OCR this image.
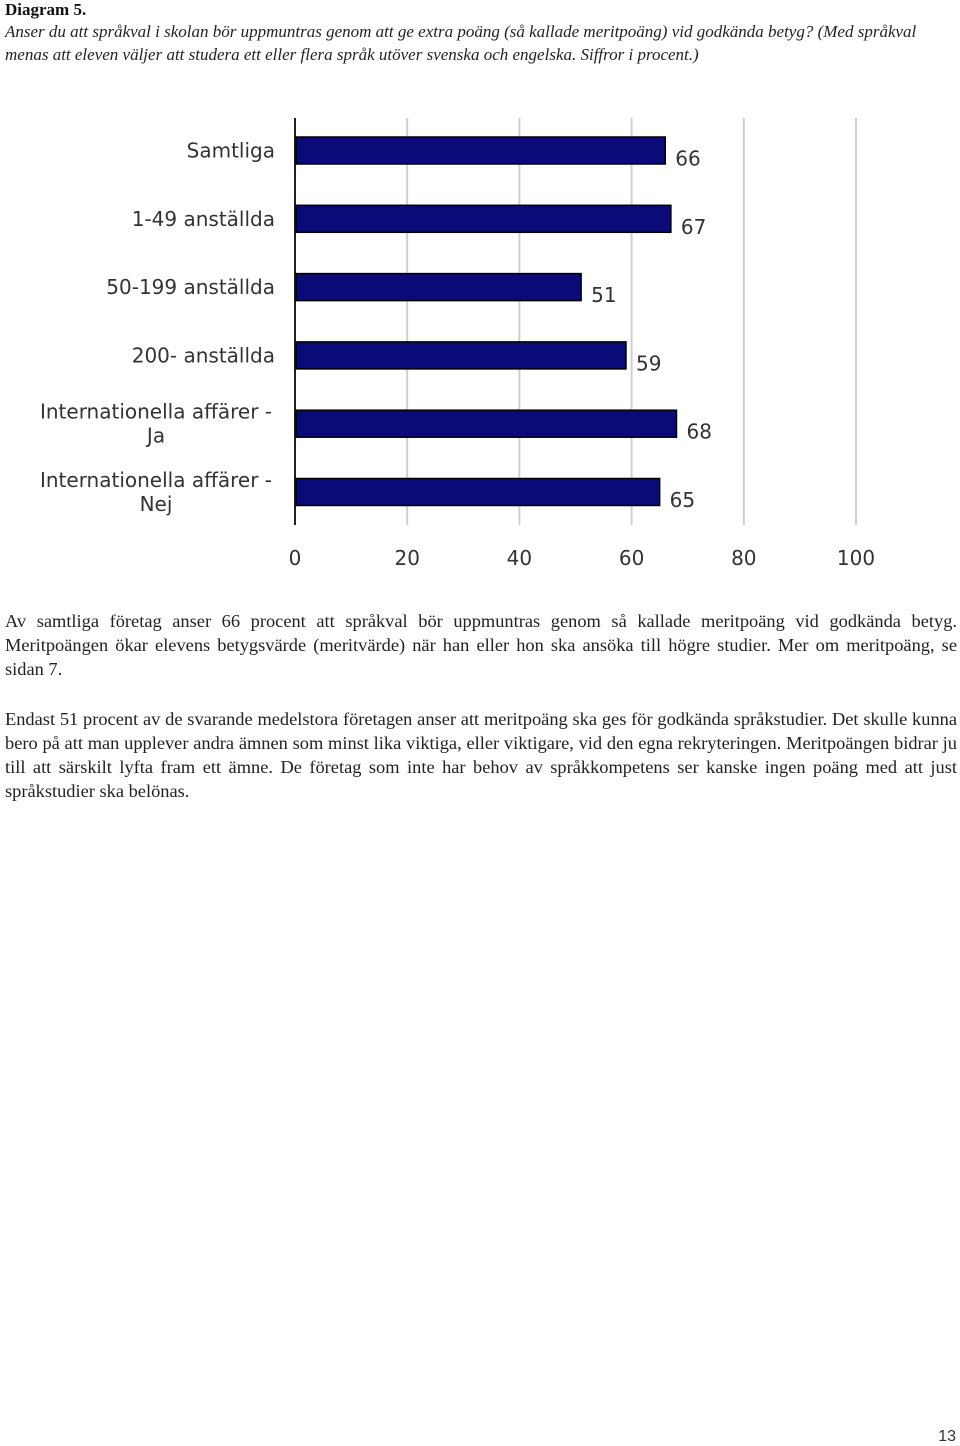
Diagram 5.
Anser du att språkval i skolan bör uppmuntras genom att ge extra poäng (så kallade meritpoäng) vid godkända betyg? (Med språkval menas att eleven väljer att studera ett eller flera språk utöver svenska och engelska. Siffror i procent.)
Samtliga
1-49 anställda
50-199 anställda
200- anställda
Internationella affärer -Ja
Internationella affärer -Nej
66
67
51
59
68
65
0	20	40	60	80	100
Av samtliga företag anser 66 procent att språkval bör uppmuntras genom så kallade meritpoäng vid godkända betyg. Meritpoängen ökar elevens betygsvärde (meritvärde) när han eller hon ska ansöka till högre studier. Mer om meritpoäng, se sidan 7.
Endast 51 procent av de svarande medelstora företagen anser att meritpoäng ska ges för godkända språkstudier. Det skulle kunna bero på att man upplever andra ämnen som minst lika viktiga, eller viktigare, vid den egna rekryteringen. Meritpoängen bidrar ju till att särskilt lyfta fram ett ämne. De företag som inte har behov av språkkompetens ser kanske ingen poäng med att just språkstudier ska belönas.
13
